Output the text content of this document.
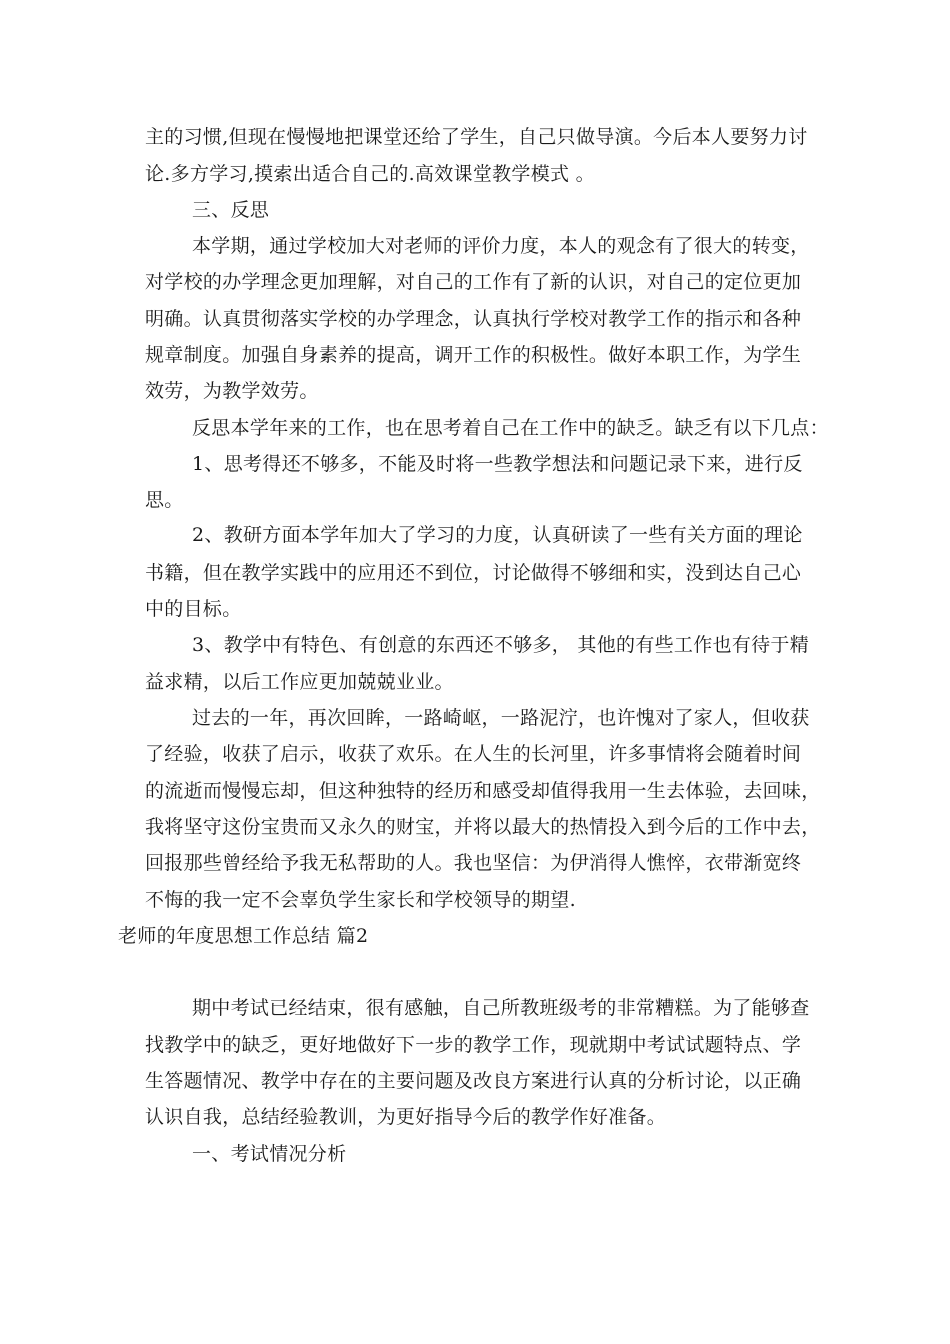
主的习惯,但现在慢慢地把课堂还给了学生，自己只做导演。今后本人要努力讨
论.多方学习,摸索出适合自己的.高效课堂教学模式 。
三、反思
本学期，通过学校加大对老师的评价力度，本人的观念有了很大的转变，
对学校的办学理念更加理解，对自己的工作有了新的认识，对自己的定位更加
明确。认真贯彻落实学校的办学理念，认真执行学校对教学工作的指示和各种
规章制度。加强自身素养的提高，调开工作的积极性。做好本职工作，为学生
效劳，为教学效劳。
反思本学年来的工作，也在思考着自己在工作中的缺乏。缺乏有以下几点：
1、思考得还不够多，不能及时将一些教学想法和问题记录下来，进行反
思。
2、教研方面本学年加大了学习的力度，认真研读了一些有关方面的理论
书籍，但在教学实践中的应用还不到位，讨论做得不够细和实，没到达自己心
中的目标。
3、教学中有特色、有创意的东西还不够多， 其他的有些工作也有待于精
益求精，以后工作应更加兢兢业业。
过去的一年，再次回眸，一路崎岖，一路泥泞，也许愧对了家人，但收获
了经验，收获了启示，收获了欢乐。在人生的长河里，许多事情将会随着时间
的流逝而慢慢忘却，但这种独特的经历和感受却值得我用一生去体验，去回味，
我将坚守这份宝贵而又永久的财宝，并将以最大的热情投入到今后的工作中去，
回报那些曾经给予我无私帮助的人。我也坚信：为伊消得人憔悴，衣带渐宽终
不悔的我一定不会辜负学生家长和学校领导的期望.
老师的年度思想工作总结 篇2
期中考试已经结束，很有感触，自己所教班级考的非常糟糕。为了能够查
找教学中的缺乏，更好地做好下一步的教学工作，现就期中考试试题特点、学
生答题情况、教学中存在的主要问题及改良方案进行认真的分析讨论，以正确
认识自我，总结经验教训，为更好指导今后的教学作好准备。
一、考试情况分析
